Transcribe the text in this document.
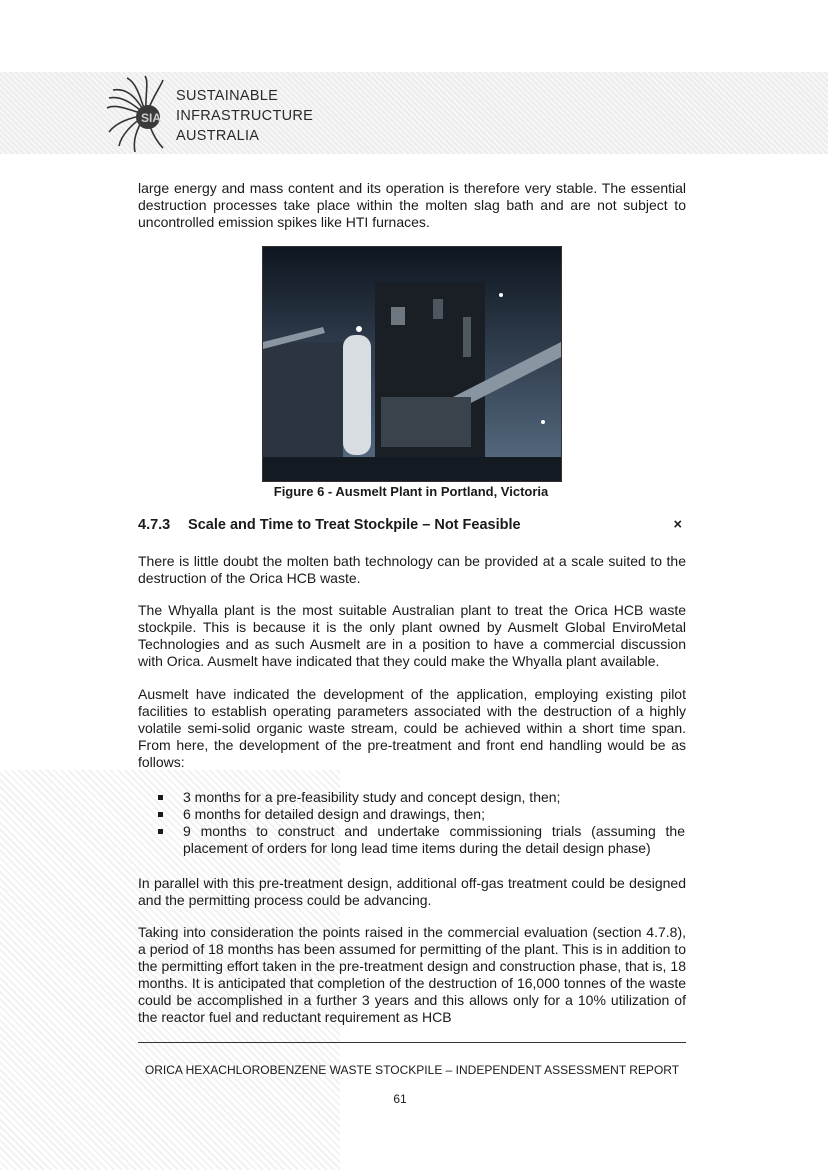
SIA
SUSTAINABLE
INFRASTRUCTURE
AUSTRALIA
large energy and mass content and its operation is therefore very stable. The essential destruction processes take place within the molten slag bath and are not subject to uncontrolled emission spikes like HTI furnaces.
Figure 6 - Ausmelt Plant in Portland, Victoria
4.7.3 Scale and Time to Treat Stockpile – Not Feasible	×
There is little doubt the molten bath technology can be provided at a scale suited to the destruction of the Orica HCB waste.
The Whyalla plant is the most suitable Australian plant to treat the Orica HCB waste stockpile. This is because it is the only plant owned by Ausmelt Global EnviroMetal Technologies and as such Ausmelt are in a position to have a commercial discussion with Orica. Ausmelt have indicated that they could make the Whyalla plant available.
Ausmelt have indicated the development of the application, employing existing pilot facilities to establish operating parameters associated with the destruction of a highly volatile semi-solid organic waste stream, could be achieved within a short time span. From here, the development of the pre-treatment and front end handling would be as follows:
3 months for a pre-feasibility study and concept design, then;
6 months for detailed design and drawings, then;
9 months to construct and undertake commissioning trials (assuming the placement of orders for long lead time items during the detail design phase)
In parallel with this pre-treatment design, additional off-gas treatment could be designed and the permitting process could be advancing.
Taking into consideration the points raised in the commercial evaluation (section 4.7.8), a period of 18 months has been assumed for permitting of the plant. This is in addition to the permitting effort taken in the pre-treatment design and construction phase, that is, 18 months. It is anticipated that completion of the destruction of 16,000 tonnes of the waste could be accomplished in a further 3 years and this allows only for a 10% utilization of the reactor fuel and reductant requirement as HCB
ORICA HEXACHLOROBENZENE WASTE STOCKPILE – INDEPENDENT ASSESSMENT REPORT
61
